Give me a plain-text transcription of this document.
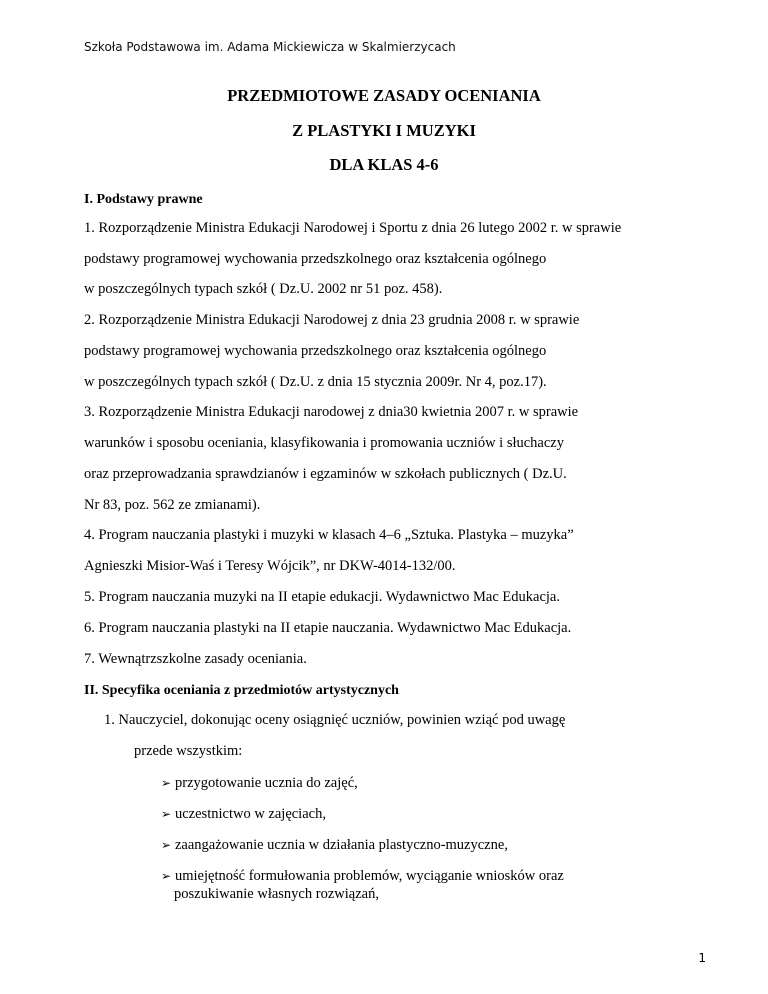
Szkoła Podstawowa im. Adama Mickiewicza w Skalmierzycach
PRZEDMIOTOWE ZASADY OCENIANIA
Z PLASTYKI I MUZYKI
DLA KLAS 4-6
I. Podstawy prawne

1. Rozporządzenie Ministra Edukacji Narodowej i Sportu z dnia 26 lutego 2002 r. w sprawie

podstawy programowej wychowania przedszkolnego oraz kształcenia ogólnego

w poszczególnych typach szkół ( Dz.U. 2002 nr 51 poz. 458).

2. Rozporządzenie Ministra Edukacji Narodowej z dnia 23 grudnia 2008 r. w sprawie

podstawy programowej wychowania przedszkolnego oraz kształcenia ogólnego

w poszczególnych typach szkół ( Dz.U. z dnia 15 stycznia 2009r. Nr 4, poz.17).

3. Rozporządzenie Ministra Edukacji narodowej z dnia30 kwietnia 2007 r. w sprawie

warunków i sposobu oceniania, klasyfikowania i promowania uczniów i słuchaczy

oraz przeprowadzania sprawdzianów i egzaminów w szkołach publicznych ( Dz.U.

Nr 83, poz. 562 ze zmianami).

4. Program nauczania plastyki i muzyki w klasach 4–6 „Sztuka. Plastyka – muzyka”

Agnieszki Misior-Waś i Teresy Wójcik”, nr DKW-4014-132/00.

5. Program nauczania muzyki na II etapie edukacji. Wydawnictwo Mac Edukacja.

6. Program nauczania plastyki na II etapie nauczania. Wydawnictwo Mac Edukacja.

7. Wewnątrzszkolne zasady oceniania.

II. Specyfika oceniania z przedmiotów artystycznych

1. Nauczyciel, dokonując oceny osiągnięć uczniów, powinien wziąć pod uwagę

przede wszystkim:

➢ przygotowanie ucznia do zajęć,
➢ uczestnictwo w zajęciach,
➢ zaangażowanie ucznia w działania plastyczno-muzyczne,
➢ umiejętność formułowania problemów, wyciąganie wniosków oraz
poszukiwanie własnych rozwiązań,
1
